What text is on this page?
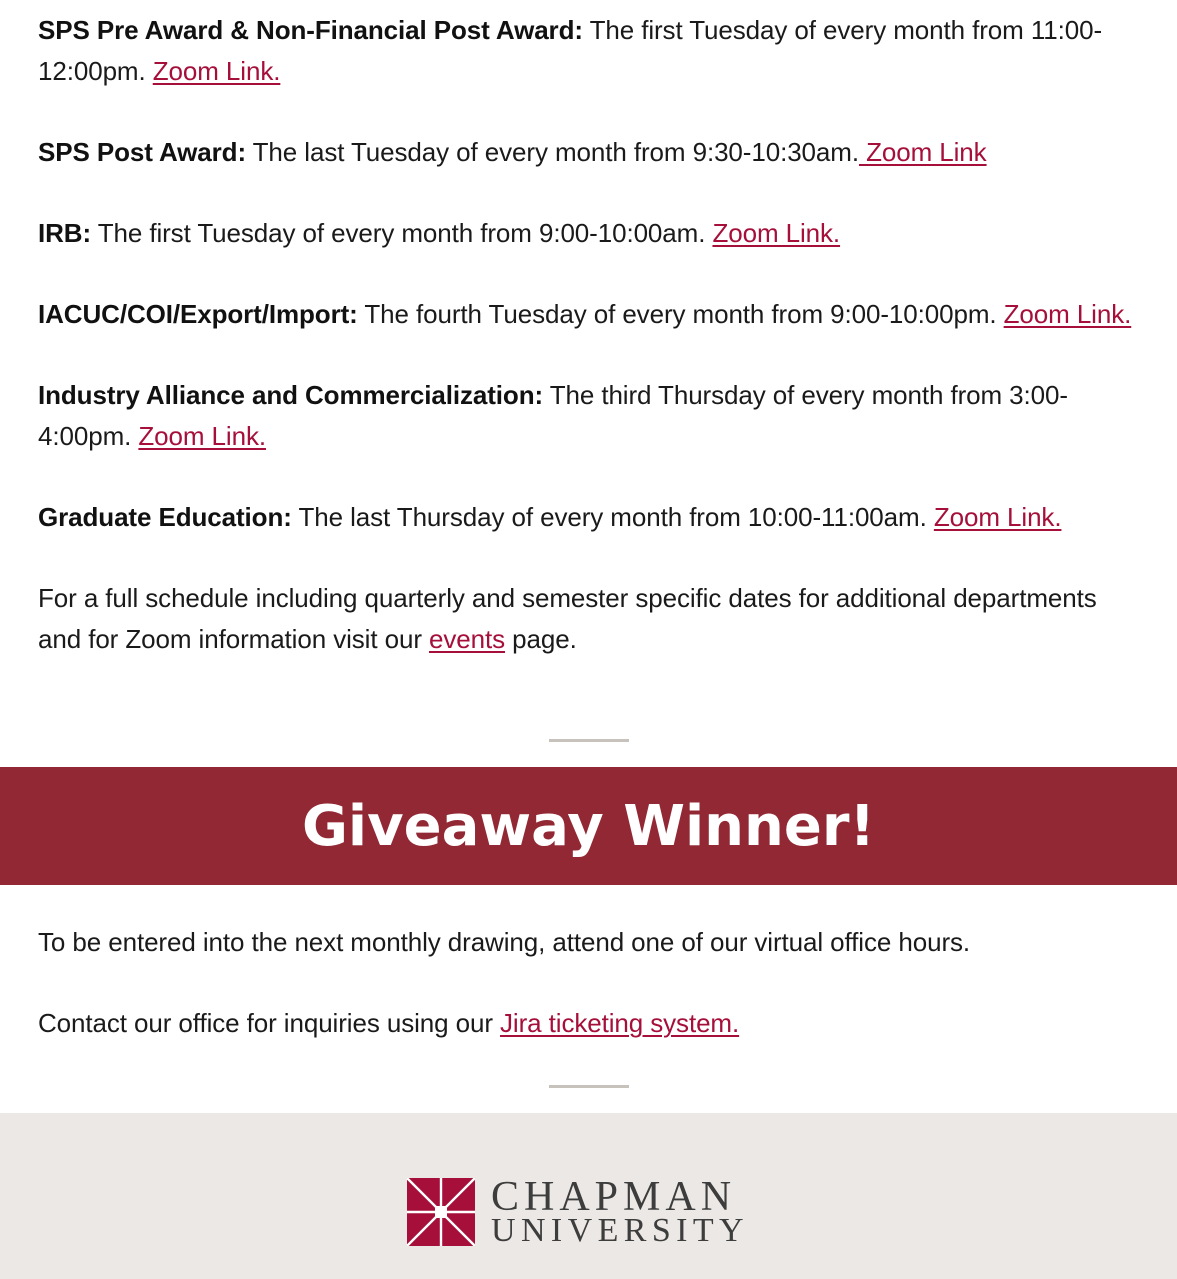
SPS Pre Award & Non-Financial Post Award: The first Tuesday of every month from 11:00-12:00pm. Zoom Link.

SPS Post Award: The last Tuesday of every month from 9:30-10:30am. Zoom Link

IRB: The first Tuesday of every month from 9:00-10:00am. Zoom Link.

IACUC/COI/Export/Import: The fourth Tuesday of every month from 9:00-10:00pm. Zoom Link.

Industry Alliance and Commercialization: The third Thursday of every month from 3:00-4:00pm. Zoom Link.

Graduate Education: The last Thursday of every month from 10:00-11:00am. Zoom Link.

For a full schedule including quarterly and semester specific dates for additional departments and for Zoom information visit our events page.

Giveaway Winner!

To be entered into the next monthly drawing, attend one of our virtual office hours.

Contact our office for inquiries using our Jira ticketing system.

CHAPMAN
UNIVERSITY
